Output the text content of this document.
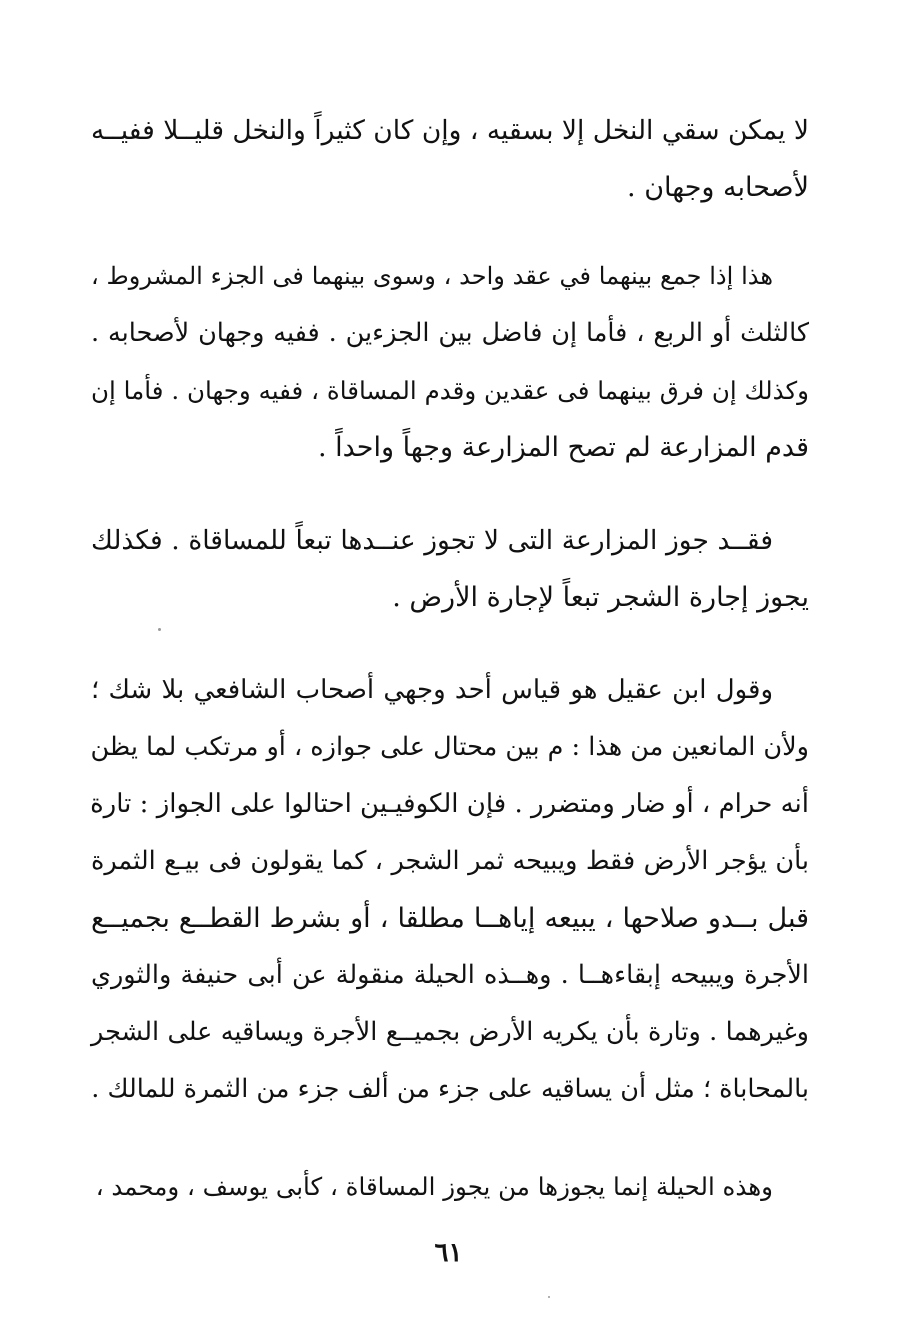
لا يمكن سقي النخل إلا بسقيه ، وإن كان كثيراً والنخل قليــلا ففيــه
لأصحابه وجهان .
هذا إذا جمع بينهما في عقد واحد ، وسوى بينهما فى الجزء المشروط ،
كالثلث أو الربع ، فأما إن فاضل بين الجزءين . ففيه وجهان لأصحابه .
وكذلك إن فرق بينهما فى عقدين وقدم المساقاة ، ففيه وجهان . فأما إن
قدم المزارعة لم تصح المزارعة وجهاً واحداً .
فقــد جوز المزارعة التى لا تجوز عنــدها تبعاً للمساقاة . فكذلك
يجوز إجارة الشجر تبعاً لإجارة الأرض .
وقول ابن عقيل هو قياس أحد وجهي أصحاب الشافعي بلا شك ؛
ولأن المانعين من هذا : م بين محتال على جوازه ، أو مرتكب لما يظن
أنه حرام ، أو ضار ومتضرر . فإن الكوفيـين احتالوا على الجواز : تارة
بأن يؤجر الأرض فقط ويبيحه ثمر الشجر ، كما يقولون فى بيـع الثمرة
قبل بــدو صلاحها ، يبيعه إياهــا مطلقا ، أو بشرط القطــع بجميــع
الأجرة ويبيحه إبقاءهــا . وهــذه الحيلة منقولة عن أبى حنيفة والثوري
وغيرهما . وتارة بأن يكريه الأرض بجميــع الأجرة ويساقيه على الشجر
بالمحاباة ؛ مثل أن يساقيه على جزء من ألف جزء من الثمرة للمالك .
وهذه الحيلة إنما يجوزها من يجوز المساقاة ، كأبى يوسف ، ومحمد ،
٦١
